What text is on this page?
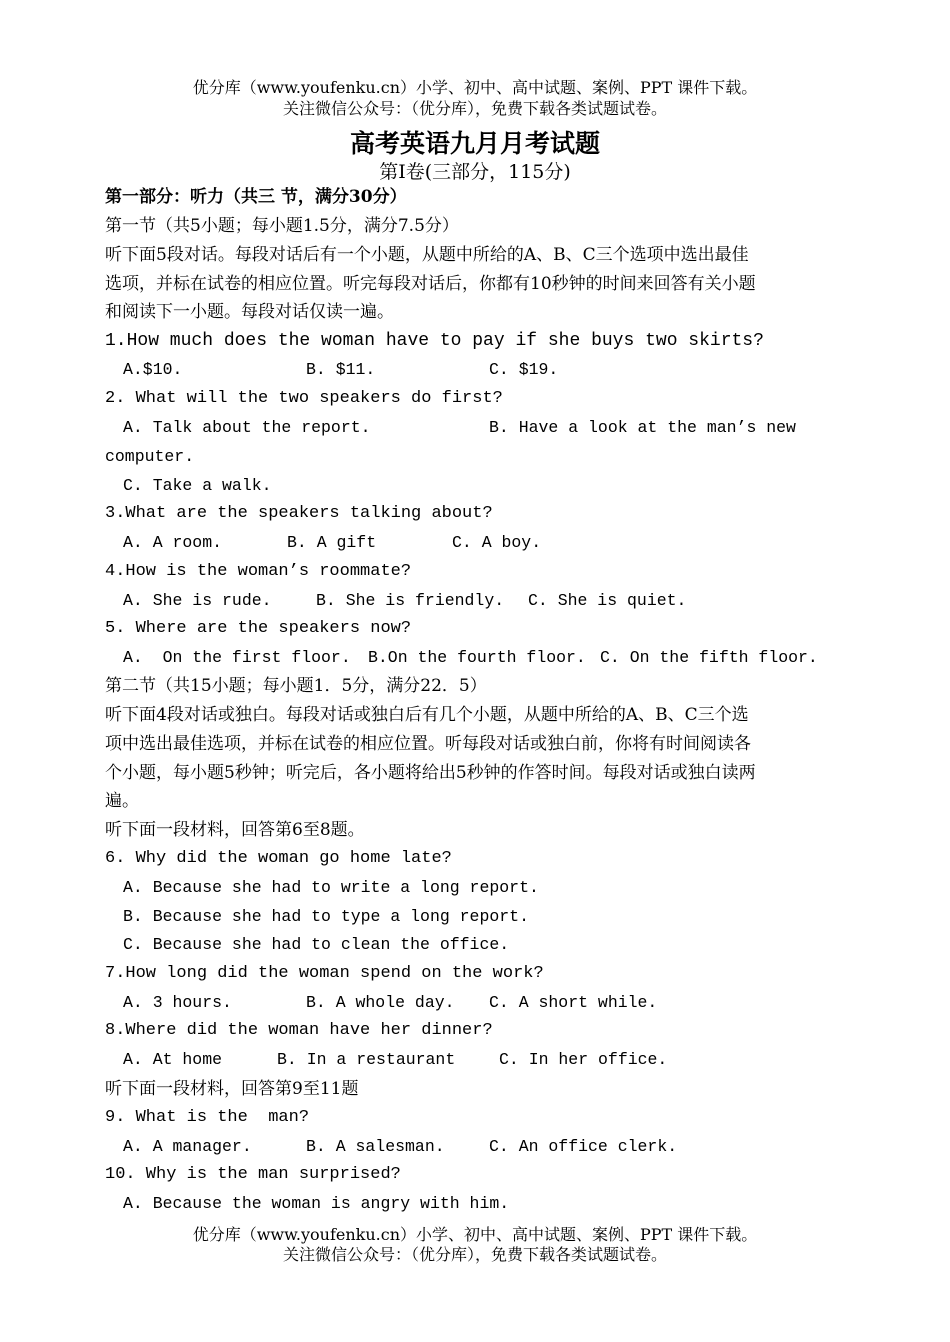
优分库（www.youfenku.cn）小学、初中、高中试题、案例、PPT 课件下载。
关注微信公众号：（优分库），免费下载各类试题试卷。
高考英语九月月考试题
第I卷(三部分，115分)
第一部分：听力（共三 节，满分30分）
第一节（共5小题；每小题1.5分，满分7.5分）
听下面5段对话。每段对话后有一个小题，从题中所给的A、B、C三个选项中选出最佳
选项，并标在试卷的相应位置。听完每段对话后，你都有10秒钟的时间来回答有关小题
和阅读下一小题。每段对话仅读一遍。
1.How much does the woman have to pay if she buys two skirts?
A.$10.	B. $11.	C. $19.
2. What will the two speakers do first?
A. Talk about the report.	B. Have a look at the man’s new
computer.
C. Take a walk.
3.What are the speakers talking about?
A. A room.	B. A gift	C. A boy.
4.How is the woman’s roommate?
A. She is rude.	B. She is friendly. C. She is quiet.
5. Where are the speakers now?
A.  On the first floor. B.On the fourth floor. C. On the fifth floor.
第二节（共15小题；每小题1．5分，满分22．5）
听下面4段对话或独白。每段对话或独白后有几个小题，从题中所给的A、B、C三个选
项中选出最佳选项，并标在试卷的相应位置。听每段对话或独白前，你将有时间阅读各
个小题，每小题5秒钟；听完后，各小题将给出5秒钟的作答时间。每段对话或独白读两
遍。
听下面一段材料，回答第6至8题。
6. Why did the woman go home late?
A. Because she had to write a long report.
B. Because she had to type a long report.
C. Because she had to clean the office.
7.How long did the woman spend on the work?
A. 3 hours.	B. A whole day. C. A short while.
8.Where did the woman have her dinner?
A. At home	B. In a restaurant	C. In her office.
听下面一段材料，回答第9至11题
9. What is the  man?
A. A manager.	B. A salesman.	C. An office clerk.
10. Why is the man surprised?
A. Because the woman is angry with him.
优分库（www.youfenku.cn）小学、初中、高中试题、案例、PPT 课件下载。
关注微信公众号：（优分库），免费下载各类试题试卷。
